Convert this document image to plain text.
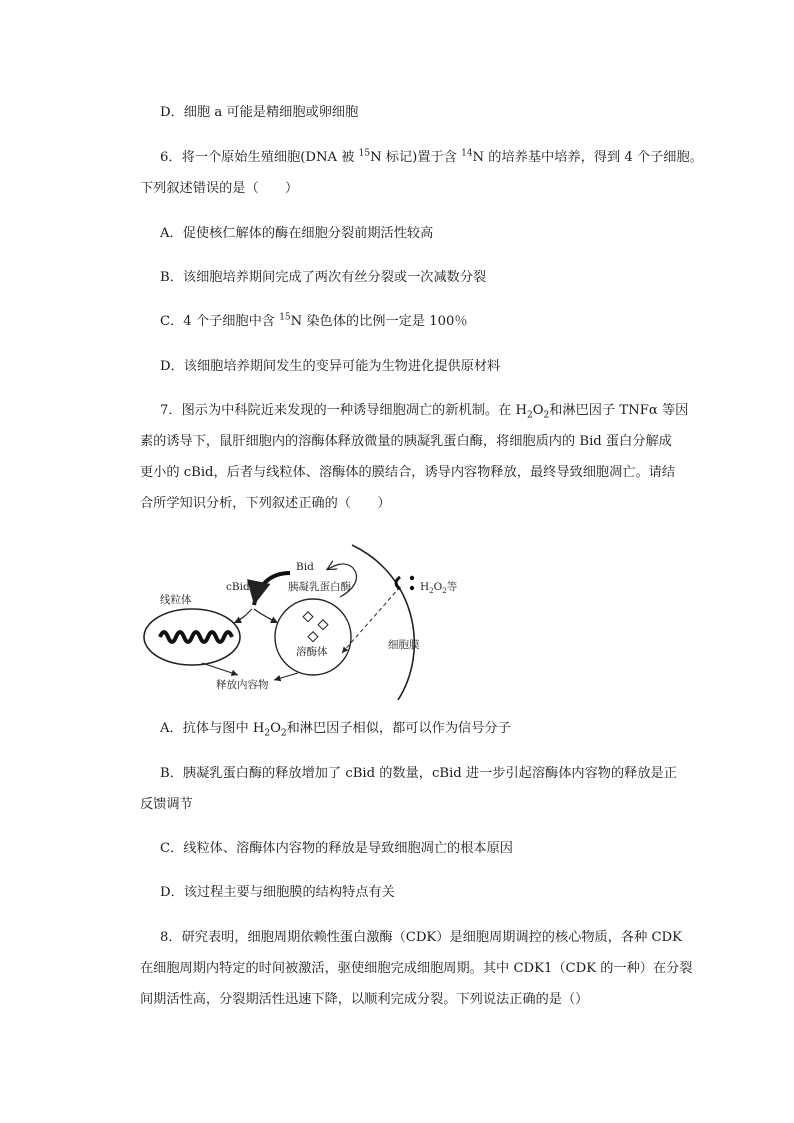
D．细胞 a 可能是精细胞或卵细胞
6．将一个原始生殖细胞(DNA 被 $^{15}$N 标记)置于含 $^{14}$N 的培养基中培养，得到 4 个子细胞。
下列叙述错误的是（　　）
A．促使核仁解体的酶在细胞分裂前期活性较高
B．该细胞培养期间完成了两次有丝分裂或一次减数分裂
C．4 个子细胞中含 $^{15}$N 染色体的比例一定是 100％
D．该细胞培养期间发生的变异可能为生物进化提供原材料
7．图示为中科院近来发现的一种诱导细胞凋亡的新机制。在 $H_2O_2$和淋巴因子 TNFα 等因
素的诱导下，鼠肝细胞内的溶酶体释放微量的胰凝乳蛋白酶，将细胞质内的 Bid 蛋白分解成
更小的 cBid，后者与线粒体、溶酶体的膜结合，诱导内容物释放，最终导致细胞凋亡。请结
合所学知识分析，下列叙述正确的（　　）
Bid
cBid	胰凝乳蛋白酶	$H_2O_2$等
线粒体
溶酶体
细胞膜
释放内容物
A．抗体与图中 $H_2O_2$和淋巴因子相似，都可以作为信号分子
B．胰凝乳蛋白酶的释放增加了 cBid 的数量，cBid 进一步引起溶酶体内容物的释放是正
反馈调节
C．线粒体、溶酶体内容物的释放是导致细胞凋亡的根本原因
D．该过程主要与细胞膜的结构特点有关
8．研究表明，细胞周期依赖性蛋白激酶（CDK）是细胞周期调控的核心物质，各种 CDK
在细胞周期内特定的时间被激活，驱使细胞完成细胞周期。其中 CDK1（CDK 的一种）在分裂
间期活性高，分裂期活性迅速下降，以顺利完成分裂。下列说法正确的是（）
